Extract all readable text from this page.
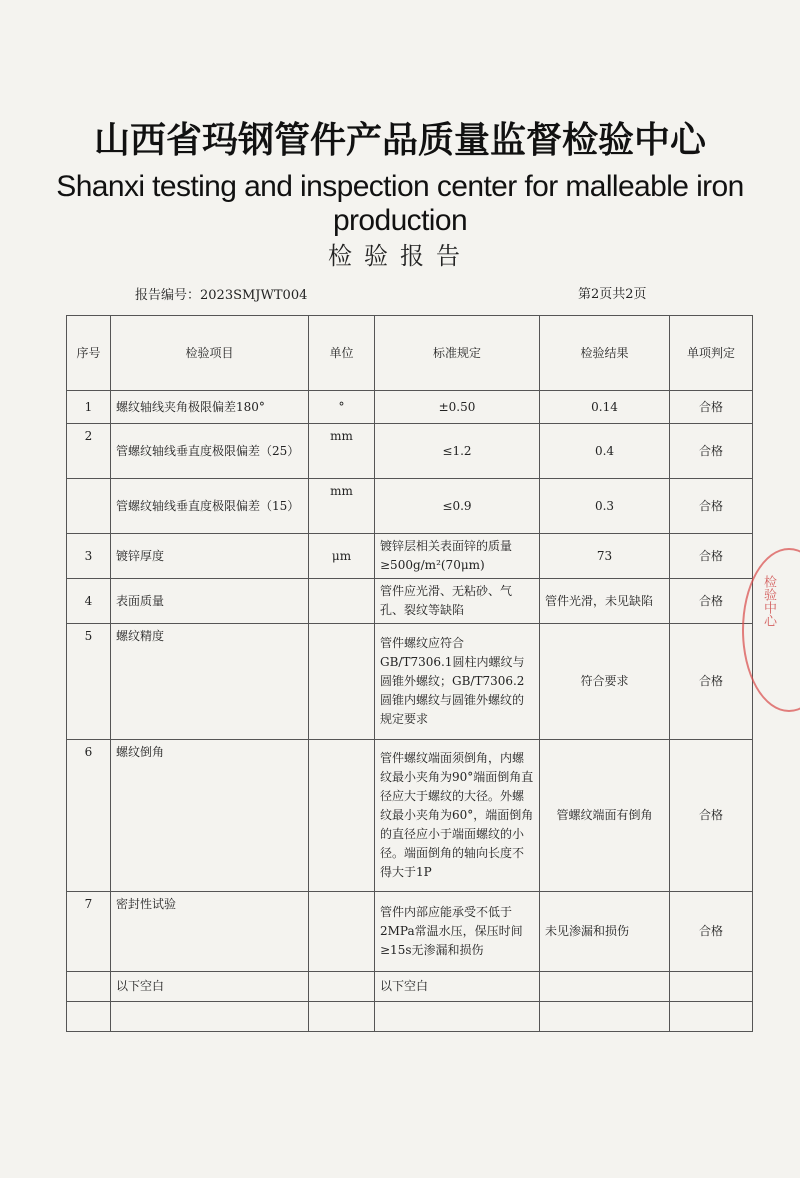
山西省玛钢管件产品质量监督检验中心
Shanxi testing and inspection center for malleable iron production
检验报告
报告编号：2023SMJWT004	第2页共2页
序号	检验项目	单位	标准规定	检验结果	单项判定
1	螺纹轴线夹角极限偏差180°	°	±0.50	0.14	合格
2	管螺纹轴线垂直度极限偏差（25）	mm	≤1.2	0.4	合格
	管螺纹轴线垂直度极限偏差（15）	mm	≤0.9	0.3	合格
3	镀锌厚度	μm	镀锌层相关表面锌的质量≥500g/m²(70μm)	73	合格
4	表面质量		管件应光滑、无粘砂、气孔、裂纹等缺陷	管件光滑，未见缺陷	合格
5	螺纹精度		管件螺纹应符合GB/T7306.1圆柱内螺纹与圆锥外螺纹；GB/T7306.2圆锥内螺纹与圆锥外螺纹的规定要求	符合要求	合格
6	螺纹倒角		管件螺纹端面须倒角，内螺纹最小夹角为90°端面倒角直径应大于螺纹的大径。外螺纹最小夹角为60°，端面倒角的直径应小于端面螺纹的小径。端面倒角的轴向长度不得大于1P	管螺纹端面有倒角	合格
7	密封性试验		管件内部应能承受不低于2MPa常温水压，保压时间≥15s无渗漏和损伤	未见渗漏和损伤	合格
	以下空白		以下空白		

检验中心
